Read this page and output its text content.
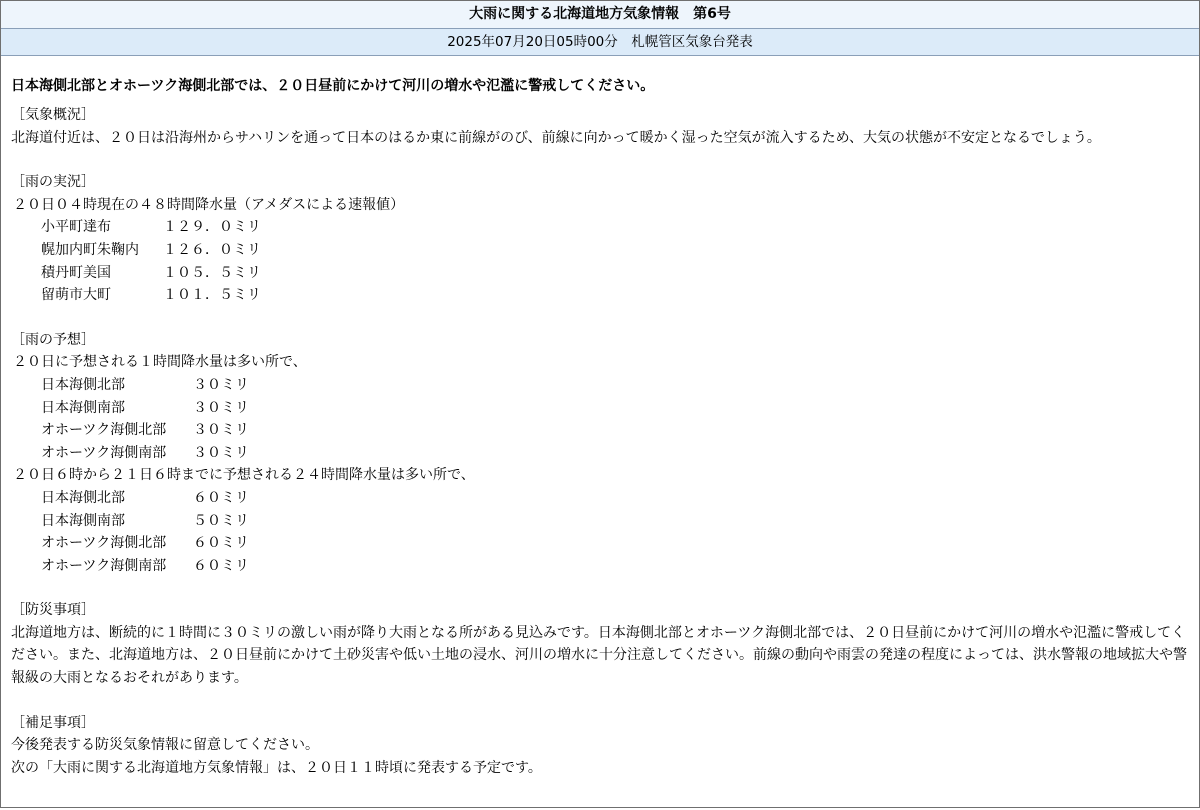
大雨に関する北海道地方気象情報　第6号
2025年07月20日05時00分　札幌管区気象台発表
日本海側北部とオホーツク海側北部では、２０日昼前にかけて河川の増水や氾濫に警戒してください。
［気象概況］
北海道付近は、２０日は沿海州からサハリンを通って日本のはるか東に前線がのび、前線に向かって暖かく湿った空気が流入するため、大気の状態が不安定となるでしょう。
［雨の実況］
２０日０４時現在の４８時間降水量（アメダスによる速報値）
小平町達布	１２９．０ミリ
幌加内町朱鞠内	１２６．０ミリ
積丹町美国	１０５．５ミリ
留萌市大町	１０１．５ミリ
［雨の予想］
２０日に予想される１時間降水量は多い所で、
日本海側北部	３０ミリ
日本海側南部	３０ミリ
オホーツク海側北部	３０ミリ
オホーツク海側南部	３０ミリ
２０日６時から２１日６時までに予想される２４時間降水量は多い所で、
日本海側北部	６０ミリ
日本海側南部	５０ミリ
オホーツク海側北部	６０ミリ
オホーツク海側南部	６０ミリ
［防災事項］
北海道地方は、断続的に１時間に３０ミリの激しい雨が降り大雨となる所がある見込みです。日本海側北部とオホーツク海側北部では、２０日昼前にかけて河川の増水や氾濫に警戒してください。また、北海道地方は、２０日昼前にかけて土砂災害や低い土地の浸水、河川の増水に十分注意してください。前線の動向や雨雲の発達の程度によっては、洪水警報の地域拡大や警報級の大雨となるおそれがあります。
［補足事項］
今後発表する防災気象情報に留意してください。
次の「大雨に関する北海道地方気象情報」は、２０日１１時頃に発表する予定です。
